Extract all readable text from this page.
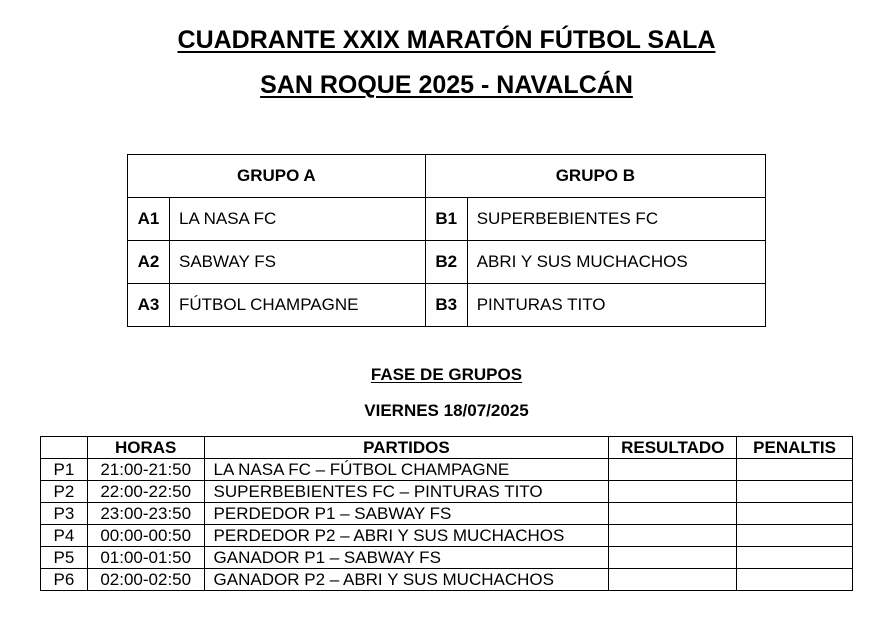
CUADRANTE XXIX MARATÓN FÚTBOL SALA
SAN ROQUE 2025 - NAVALCÁN
GRUPO A		GRUPO B	
A1	LA NASA FC	B1	SUPERBEBIENTES FC
A2	SABWAY FS	B2	ABRI Y SUS MUCHACHOS
A3	FÚTBOL CHAMPAGNE	B3	PINTURAS TITO
FASE DE GRUPOS
VIERNES 18/07/2025
	HORAS	PARTIDOS	RESULTADO	PENALTIS
P1	21:00-21:50	LA NASA FC – FÚTBOL CHAMPAGNE		
P2	22:00-22:50	SUPERBEBIENTES FC – PINTURAS TITO		
P3	23:00-23:50	PERDEDOR P1 – SABWAY FS		
P4	00:00-00:50	PERDEDOR P2 – ABRI Y SUS MUCHACHOS		
P5	01:00-01:50	GANADOR P1 – SABWAY FS		
P6	02:00-02:50	GANADOR P2 – ABRI Y SUS MUCHACHOS		
